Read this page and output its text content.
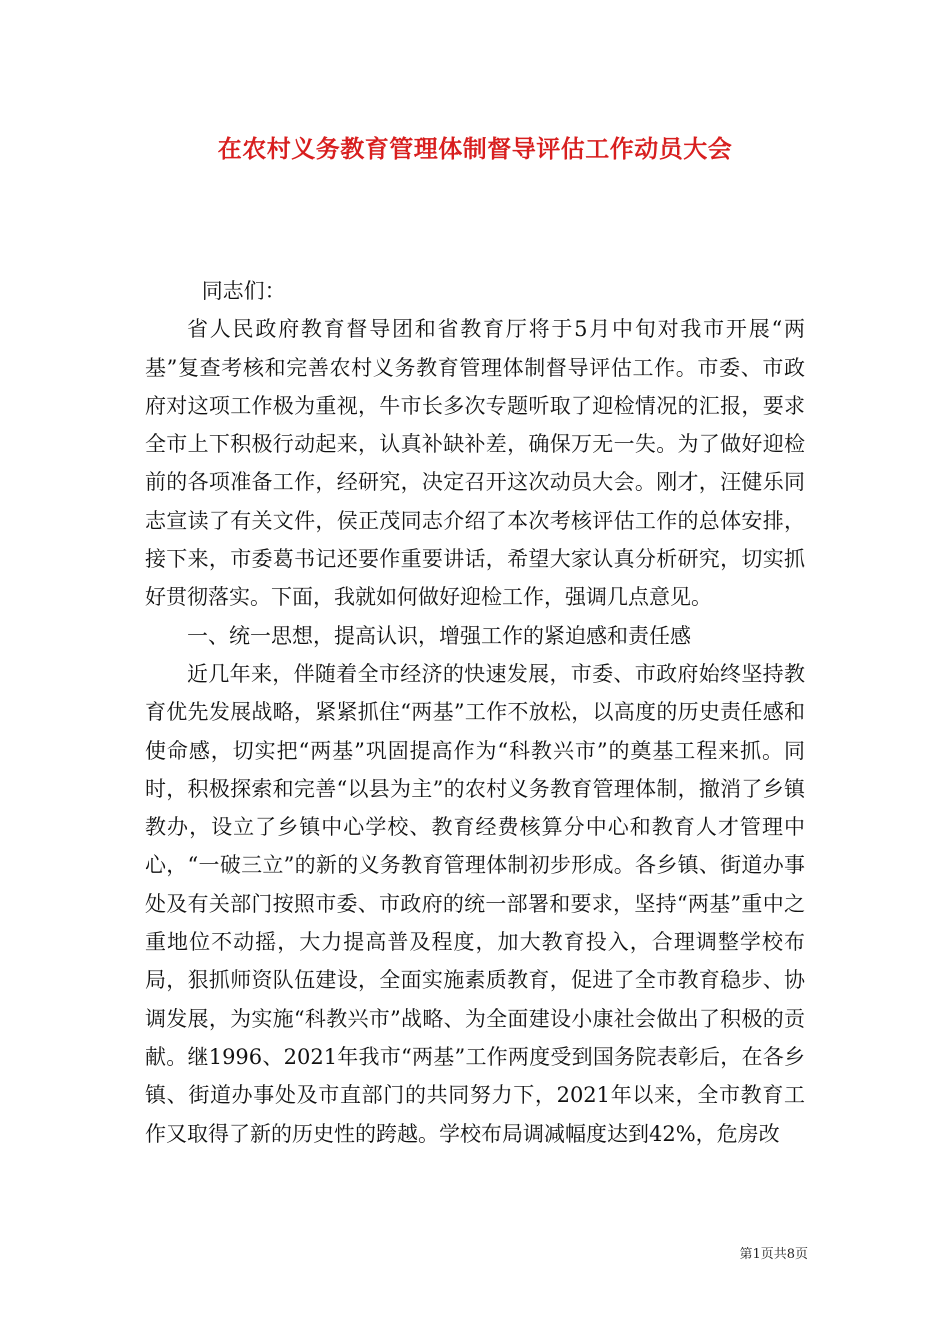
在农村义务教育管理体制督导评估工作动员大会

同志们：

省人民政府教育督导团和省教育厅将于5月中旬对我市开展“两基”复查考核和完善农村义务教育管理体制督导评估工作。市委、市政府对这项工作极为重视，牛市长多次专题听取了迎检情况的汇报，要求全市上下积极行动起来，认真补缺补差，确保万无一失。为了做好迎检前的各项准备工作，经研究，决定召开这次动员大会。刚才，汪健乐同志宣读了有关文件，侯正茂同志介绍了本次考核评估工作的总体安排，接下来，市委葛书记还要作重要讲话，希望大家认真分析研究，切实抓好贯彻落实。下面，我就如何做好迎检工作，强调几点意见。

一、统一思想，提高认识，增强工作的紧迫感和责任感

近几年来，伴随着全市经济的快速发展，市委、市政府始终坚持教育优先发展战略，紧紧抓住“两基”工作不放松，以高度的历史责任感和使命感，切实把“两基”巩固提高作为“科教兴市”的奠基工程来抓。同时，积极探索和完善“以县为主”的农村义务教育管理体制，撤消了乡镇教办，设立了乡镇中心学校、教育经费核算分中心和教育人才管理中心，“一破三立”的新的义务教育管理体制初步形成。各乡镇、街道办事处及有关部门按照市委、市政府的统一部署和要求，坚持“两基”重中之重地位不动摇，大力提高普及程度，加大教育投入，合理调整学校布局，狠抓师资队伍建设，全面实施素质教育，促进了全市教育稳步、协调发展，为实施“科教兴市”战略、为全面建设小康社会做出了积极的贡献。继1996、2021年我市“两基”工作两度受到国务院表彰后，在各乡镇、街道办事处及市直部门的共同努力下，2021年以来，全市教育工作又取得了新的历史性的跨越。学校布局调减幅度达到42%，危房改

第1页共8页
